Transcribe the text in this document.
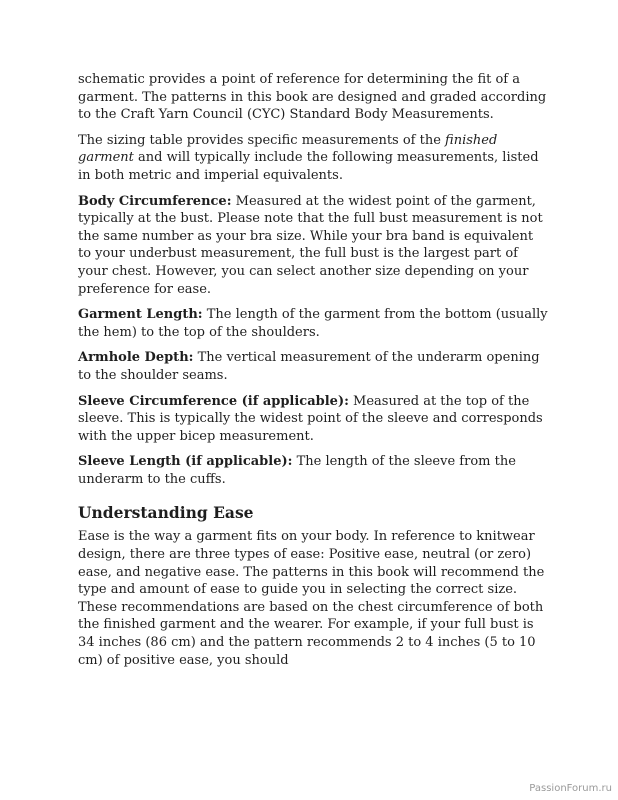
schematic provides a point of reference for determining the fit of a garment. The patterns in this book are designed and graded according to the Craft Yarn Council (CYC) Standard Body Measurements.

The sizing table provides specific measurements of the finished garment and will typically include the following measurements, listed in both metric and imperial equivalents.

Body Circumference: Measured at the widest point of the garment, typically at the bust. Please note that the full bust measurement is not the same number as your bra size. While your bra band is equivalent to your underbust measurement, the full bust is the largest part of your chest. However, you can select another size depending on your preference for ease.

Garment Length: The length of the garment from the bottom (usually the hem) to the top of the shoulders.

Armhole Depth: The vertical measurement of the underarm opening to the shoulder seams.

Sleeve Circumference (if applicable): Measured at the top of the sleeve. This is typically the widest point of the sleeve and corresponds with the upper bicep measurement.

Sleeve Length (if applicable): The length of the sleeve from the underarm to the cuffs.

Understanding Ease

Ease is the way a garment fits on your body. In reference to knitwear design, there are three types of ease: Positive ease, neutral (or zero) ease, and negative ease. The patterns in this book will recommend the type and amount of ease to guide you in selecting the correct size. These recommendations are based on the chest circumference of both the finished garment and the wearer. For example, if your full bust is 34 inches (86 cm) and the pattern recommends 2 to 4 inches (5 to 10 cm) of positive ease, you should

PassionForum.ru
